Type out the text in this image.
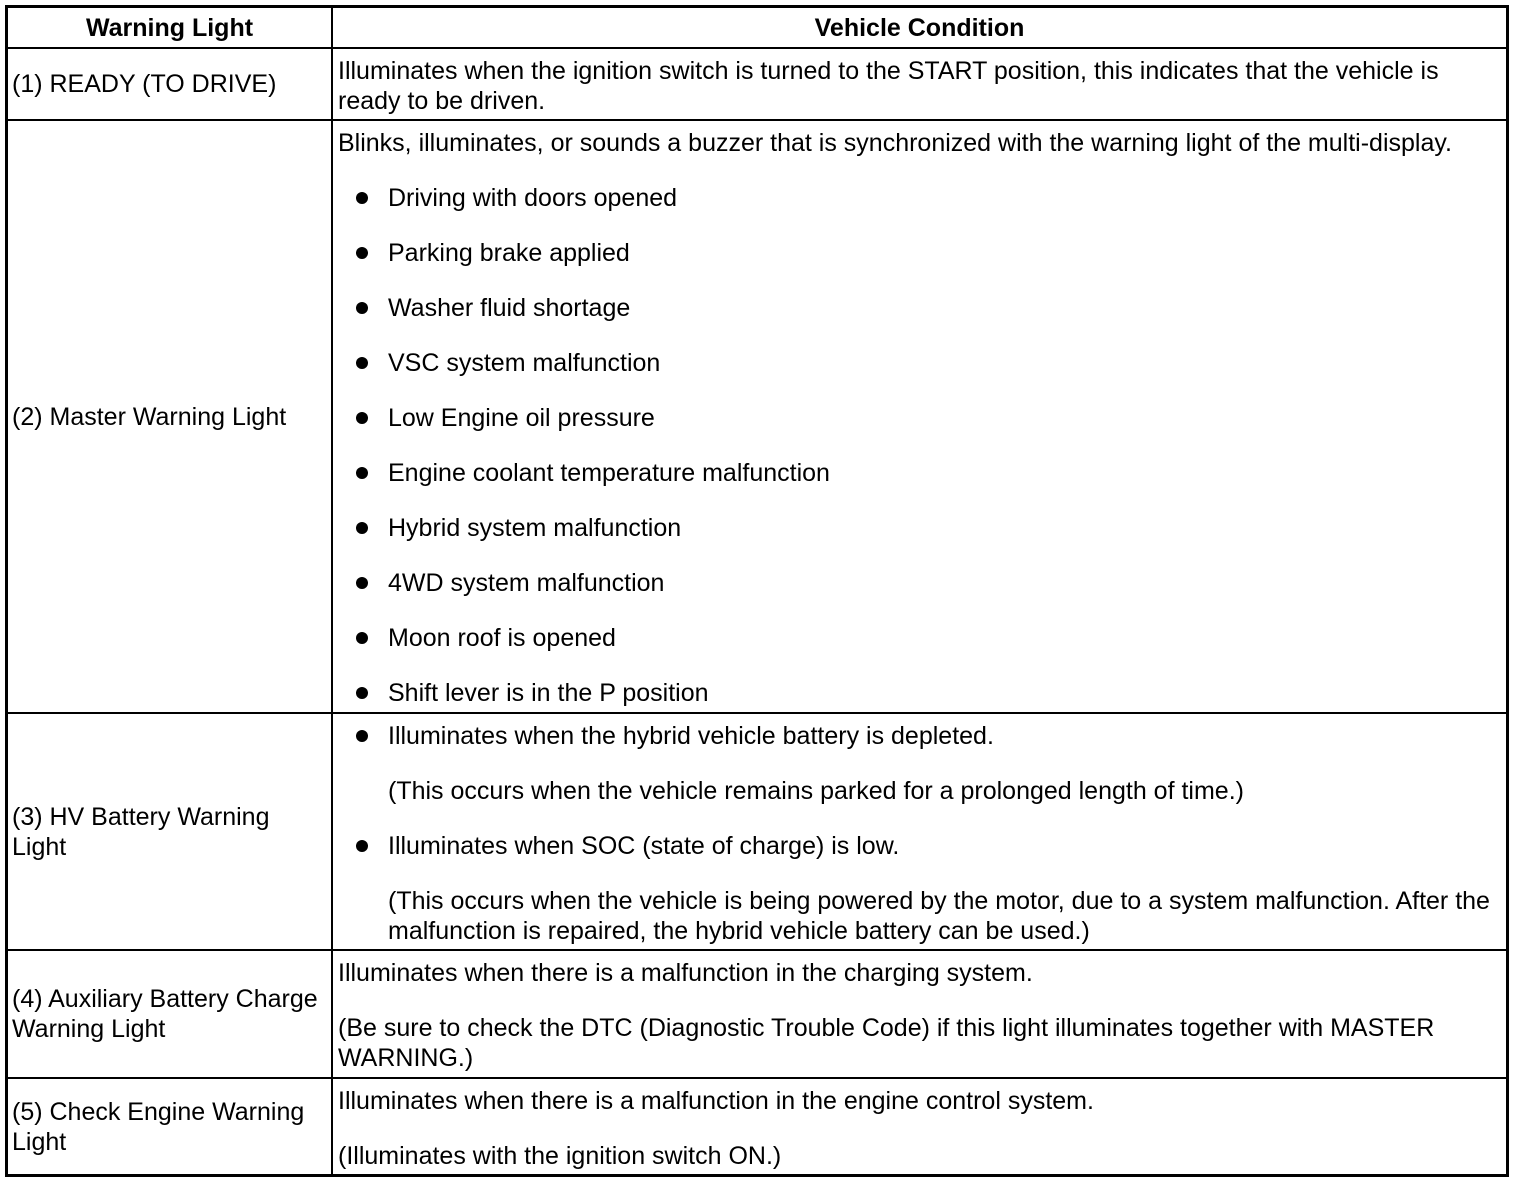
Warning Light	Vehicle Condition
(1) READY (TO DRIVE) Illuminates when the ignition switch is turned to the START position, this indicates that the vehicle is
ready to be driven.
(2) Master Warning Light
Blinks, illuminates, or sounds a buzzer that is synchronized with the warning light of the multi-display.
Driving with doors opened
Parking brake applied
Washer fluid shortage
VSC system malfunction
Low Engine oil pressure
Engine coolant temperature malfunction
Hybrid system malfunction
4WD system malfunction
Moon roof is opened
Shift lever is in the P position
(3) HV Battery Warning
Light
Illuminates when the hybrid vehicle battery is depleted.
(This occurs when the vehicle remains parked for a prolonged length of time.)
Illuminates when SOC (state of charge) is low.
(This occurs when the vehicle is being powered by the motor, due to a system malfunction. After the
malfunction is repaired, the hybrid vehicle battery can be used.)
(4) Auxiliary Battery Charge
Warning Light
Illuminates when there is a malfunction in the charging system.
(Be sure to check the DTC (Diagnostic Trouble Code) if this light illuminates together with MASTER
WARNING.)
(5) Check Engine Warning
Light
Illuminates when there is a malfunction in the engine control system.
(Illuminates with the ignition switch ON.)
